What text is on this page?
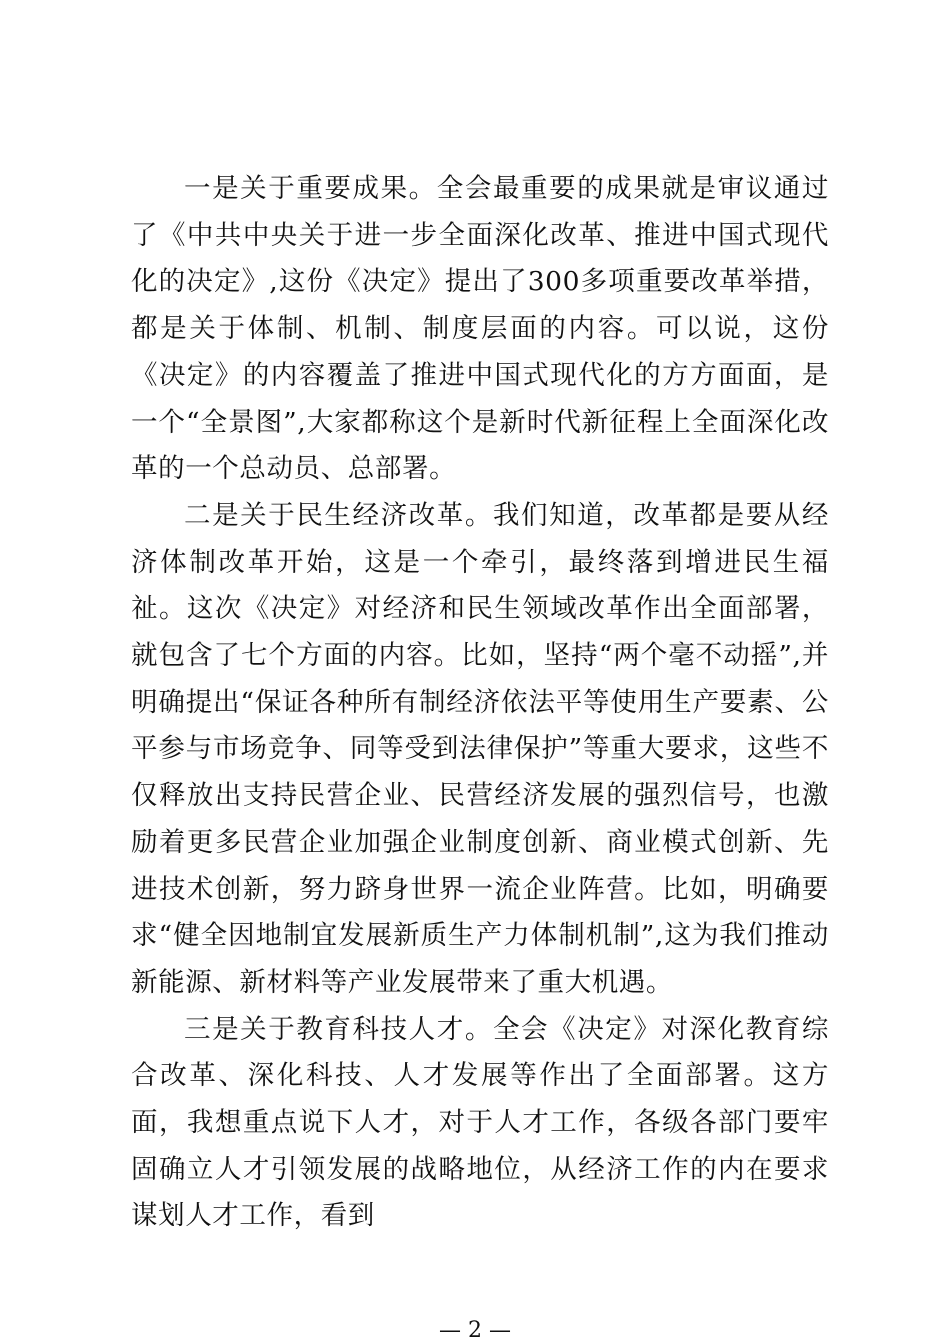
一是关于重要成果。全会最重要的成果就是审议通过了《中共中央关于进一步全面深化改革、推进中国式现代化的决定》,这份《决定》提出了300多项重要改革举措，都是关于体制、机制、制度层面的内容。可以说，这份《决定》的内容覆盖了推进中国式现代化的方方面面，是一个“全景图”,大家都称这个是新时代新征程上全面深化改革的一个总动员、总部署。

二是关于民生经济改革。我们知道，改革都是要从经济体制改革开始，这是一个牵引，最终落到增进民生福祉。这次《决定》对经济和民生领域改革作出全面部署，就包含了七个方面的内容。比如，坚持“两个毫不动摇”,并明确提出“保证各种所有制经济依法平等使用生产要素、公平参与市场竞争、同等受到法律保护”等重大要求，这些不仅释放出支持民营企业、民营经济发展的强烈信号，也激励着更多民营企业加强企业制度创新、商业模式创新、先进技术创新，努力跻身世界一流企业阵营。比如，明确要求“健全因地制宜发展新质生产力体制机制”,这为我们推动新能源、新材料等产业发展带来了重大机遇。

三是关于教育科技人才。全会《决定》对深化教育综合改革、深化科技、人才发展等作出了全面部署。这方面，我想重点说下人才，对于人才工作，各级各部门要牢固确立人才引领发展的战略地位，从经济工作的内在要求谋划人才工作，看到

— 2 —
